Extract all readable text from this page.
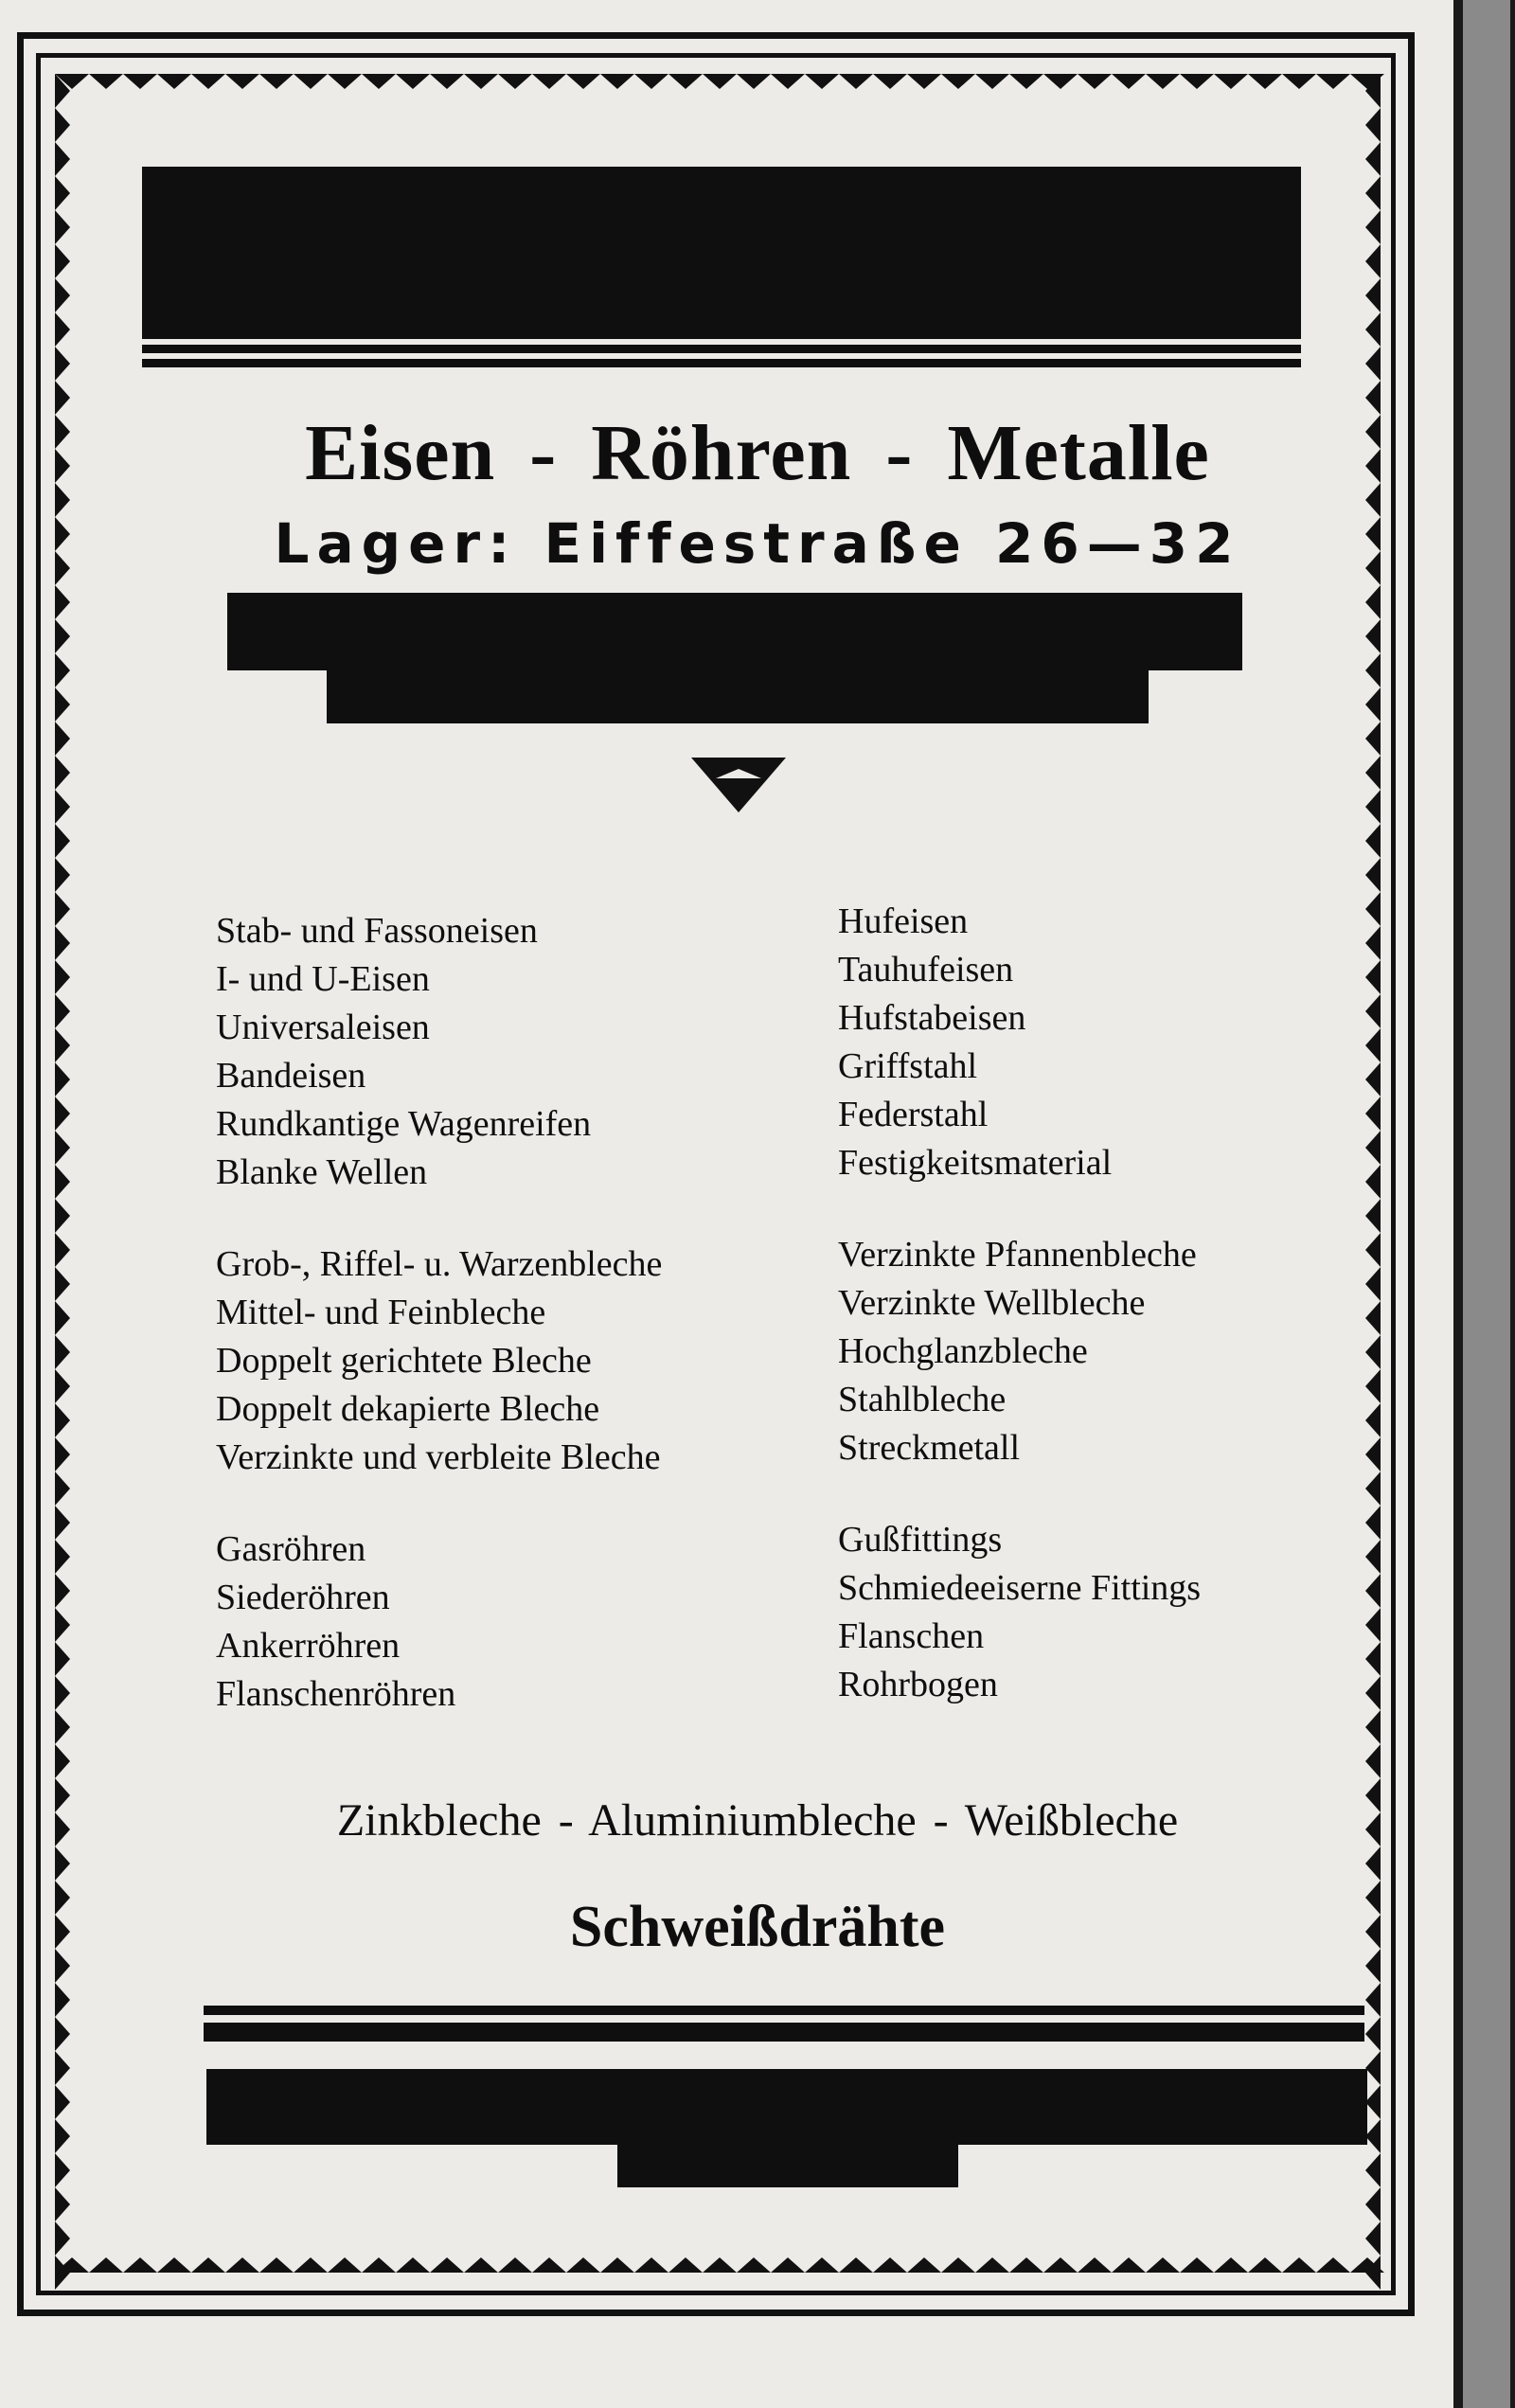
Eisen - Röhren - Metalle
Lager: Eiffestraße 26—32
Stab- und Fassoneisen
I- und U-Eisen
Universaleisen
Bandeisen
Rundkantige Wagenreifen
Blanke Wellen
Grob-, Riffel- u. Warzenbleche
Mittel- und Feinbleche
Doppelt gerichtete Bleche
Doppelt dekapierte Bleche
Verzinkte und verbleite Bleche
Gasröhren
Siederöhren
Ankerröhren
Flanschenröhren
Hufeisen
Tauhufeisen
Hufstabeisen
Griffstahl
Federstahl
Festigkeitsmaterial
Verzinkte Pfannenbleche
Verzinkte Wellbleche
Hochglanzbleche
Stahlbleche
Streckmetall
Gußfittings
Schmiedeeiserne Fittings
Flanschen
Rohrbogen
Zinkbleche - Aluminiumbleche - Weißbleche
Schweißdrähte
